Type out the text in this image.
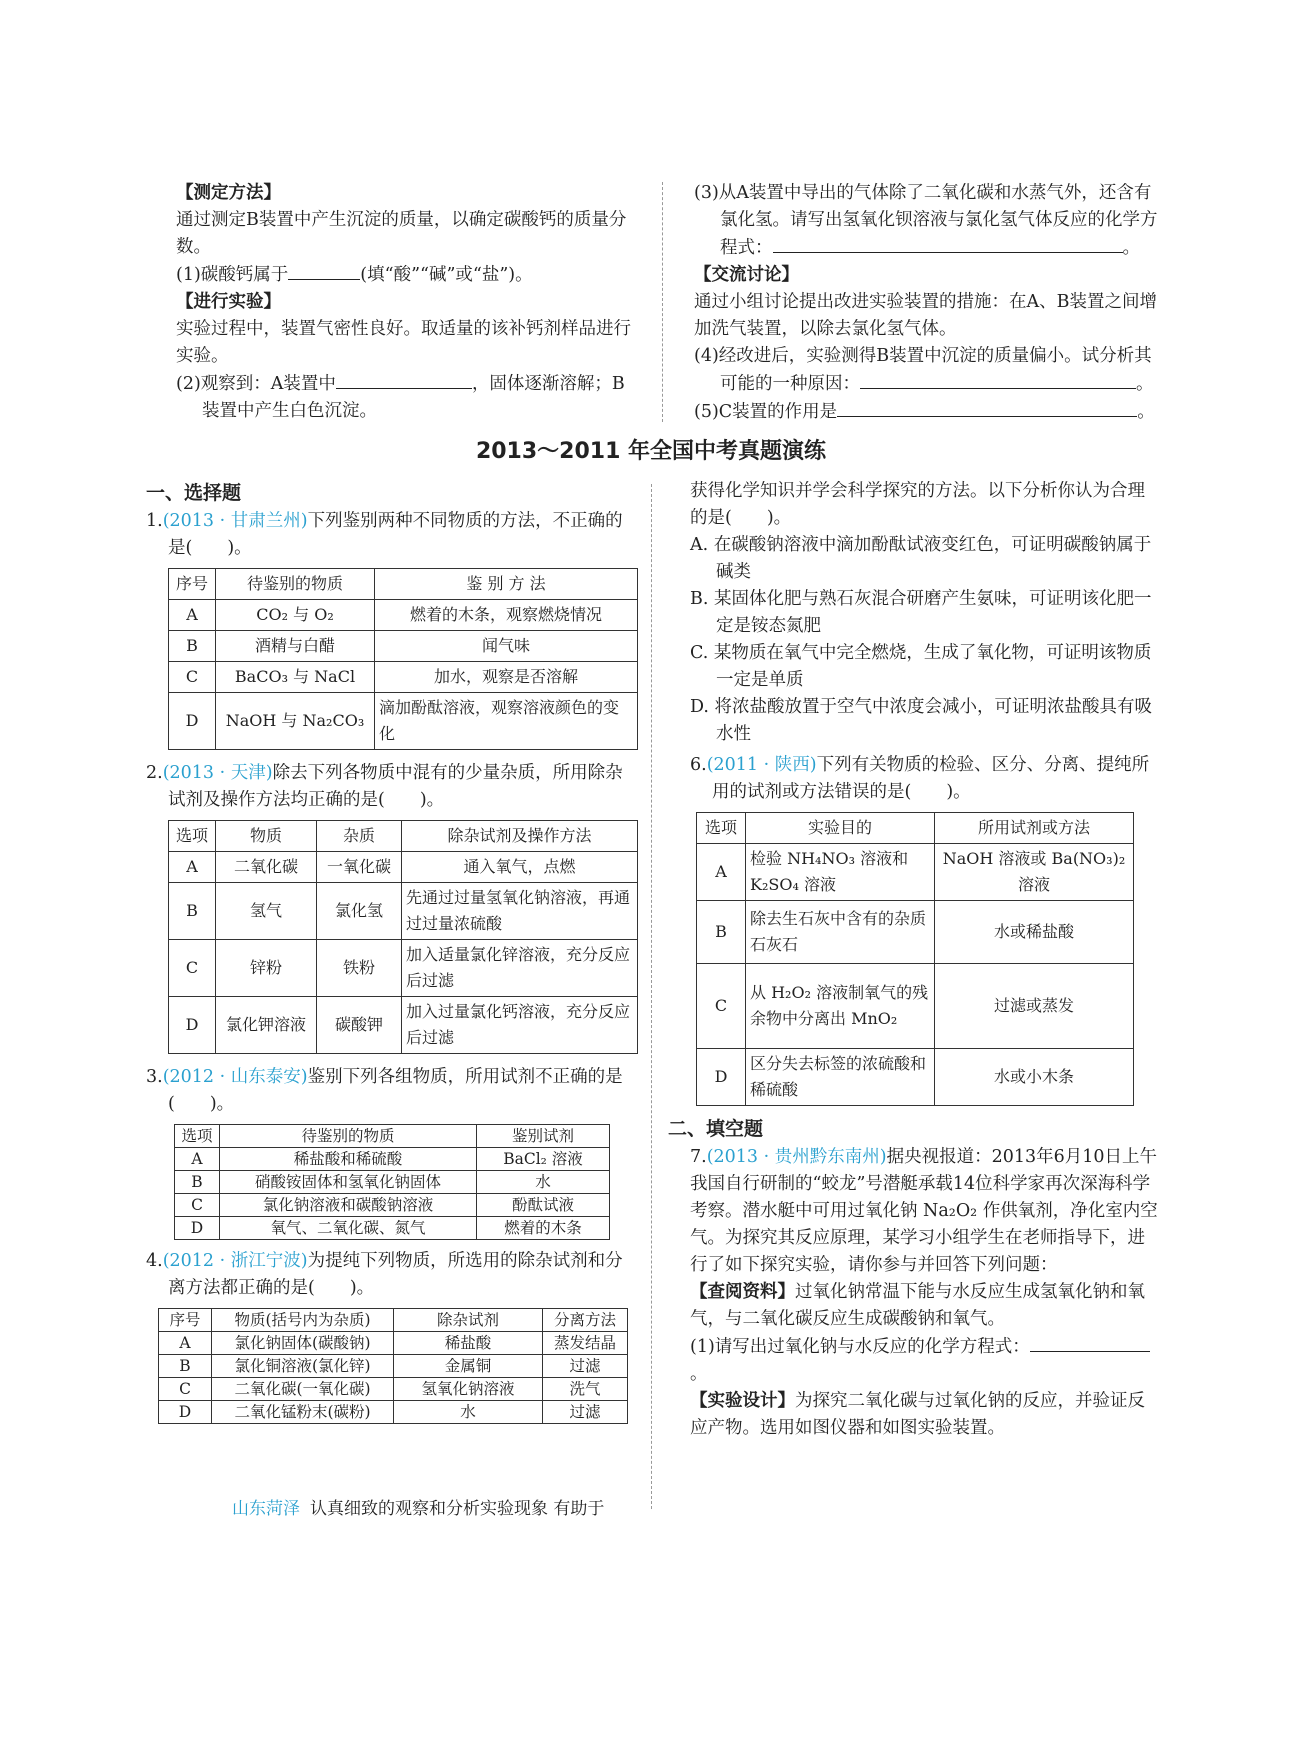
【测定方法】

通过测定B装置中产生沉淀的质量，以确定碳酸钙的质量分数。

(1)碳酸钙属于	(填“酸”“碱”或“盐”)。

【进行实验】

实验过程中，装置气密性良好。取适量的该补钙剂样品进行实验。

(2)观察到：A装置中	，固体逐渐溶解；B装置中产生白色沉淀。

(3)从A装置中导出的气体除了二氧化碳和水蒸气外，还含有氯化氢。请写出氢氧化钡溶液与氯化氢气体反应的化学方程式：	。

【交流讨论】

通过小组讨论提出改进实验装置的措施：在A、B装置之间增加洗气装置，以除去氯化氢气体。

(4)经改进后，实验测得B装置中沉淀的质量偏小。试分析其可能的一种原因：	。

(5)C装置的作用是	。

2013～2011 年全国中考真题演练

一、选择题

1.(2013 · 甘肃兰州)下列鉴别两种不同物质的方法，不正确的是(　　)。

序号	待鉴别的物质	鉴 别 方 法
A	CO₂ 与 O₂	燃着的木条，观察燃烧情况
B	酒精与白醋	闻气味
C	BaCO₃ 与 NaCl	加水，观察是否溶解
D	NaOH 与 Na₂CO₃	滴加酚酞溶液，观察溶液颜色的变化

2.(2013 · 天津)除去下列各物质中混有的少量杂质，所用除杂试剂及操作方法均正确的是(　　)。

选项	物质	杂质	除杂试剂及操作方法
A	二氧化碳	一氧化碳	通入氧气，点燃
B	氢气	氯化氢	先通过过量氢氧化钠溶液，再通过过量浓硫酸
C	锌粉	铁粉	加入适量氯化锌溶液，充分反应后过滤
D	氯化钾溶液	碳酸钾	加入过量氯化钙溶液，充分反应后过滤

3.(2012 · 山东泰安)鉴别下列各组物质，所用试剂不正确的是(　　)。

选项	待鉴别的物质	鉴别试剂
A	稀盐酸和稀硫酸	BaCl₂ 溶液
B	硝酸铵固体和氢氧化钠固体	水
C	氯化钠溶液和碳酸钠溶液	酚酞试液
D	氧气、二氧化碳、氮气	燃着的木条

4.(2012 · 浙江宁波)为提纯下列物质，所选用的除杂试剂和分离方法都正确的是(　　)。

序号	物质(括号内为杂质)	除杂试剂	分离方法
A	氯化钠固体(碳酸钠)	稀盐酸	蒸发结晶
B	氯化铜溶液(氯化锌)	金属铜	过滤
C	二氧化碳(一氧化碳)	氢氧化钠溶液	洗气
D	二氧化锰粉末(碳粉)	水	过滤
山东菏泽 认真细致的观察和分析实验现象 有助于

获得化学知识并学会科学探究的方法。以下分析你认为合理的是(　　)。

A. 在碳酸钠溶液中滴加酚酞试液变红色，可证明碳酸钠属于碱类

B. 某固体化肥与熟石灰混合研磨产生氨味，可证明该化肥一定是铵态氮肥

C. 某物质在氧气中完全燃烧，生成了氧化物，可证明该物质一定是单质

D. 将浓盐酸放置于空气中浓度会减小，可证明浓盐酸具有吸水性

6.(2011 · 陕西)下列有关物质的检验、区分、分离、提纯所用的试剂或方法错误的是(　　)。

选项	实验目的	所用试剂或方法
A	检验 NH₄NO₃ 溶液和 K₂SO₄ 溶液	NaOH 溶液或 Ba(NO₃)₂溶液
B	除去生石灰中含有的杂质石灰石	水或稀盐酸
C	从 H₂O₂ 溶液制氧气的残余物中分离出 MnO₂	过滤或蒸发
D	区分失去标签的浓硫酸和稀硫酸	水或小木条

二、填空题

7.(2013 · 贵州黔东南州)据央视报道：2013年6月10日上午我国自行研制的“蛟龙”号潜艇承载14位科学家再次深海科学考察。潜水艇中可用过氧化钠 Na₂O₂ 作供氧剂，净化室内空气。为探究其反应原理，某学习小组学生在老师指导下，进行了如下探究实验，请你参与并回答下列问题：

【查阅资料】过氧化钠常温下能与水反应生成氢氧化钠和氧气，与二氧化碳反应生成碳酸钠和氧气。

(1)请写出过氧化钠与水反应的化学方程式：。

【实验设计】为探究二氧化碳与过氧化钠的反应，并验证反应产物。选用如图仪器和如图实验装置。
